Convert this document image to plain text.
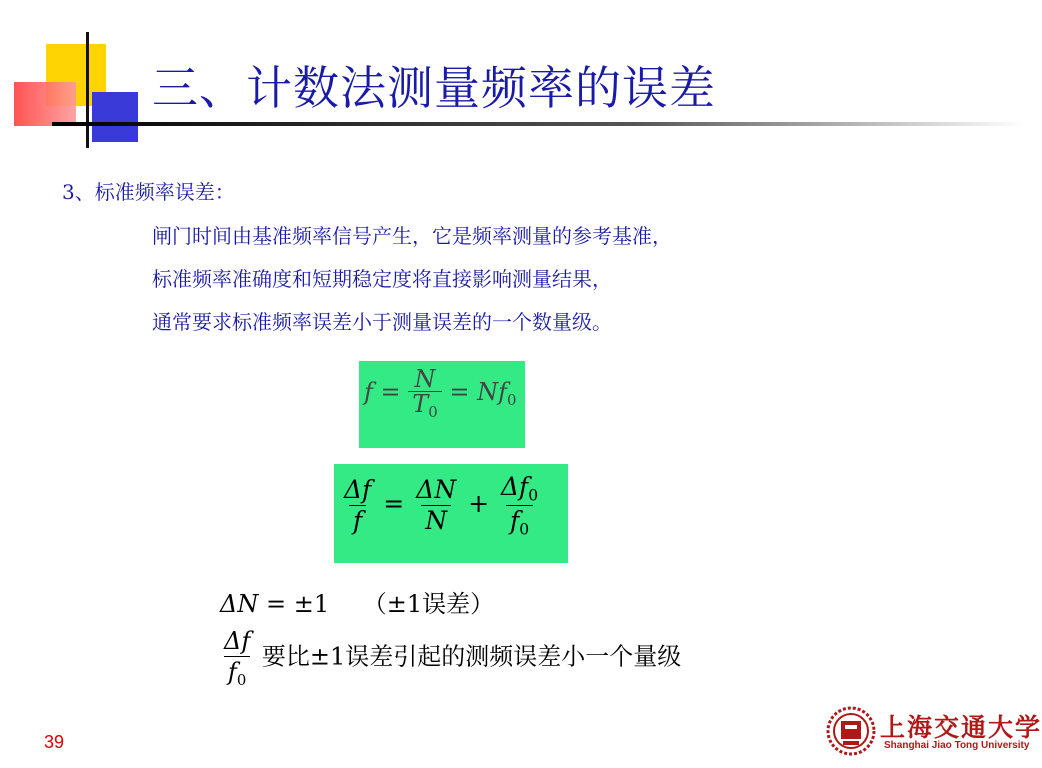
三、计数法测量频率的误差
3、标准频率误差：
闸门时间由基准频率信号产生，它是频率测量的参考基准，
标准频率准确度和短期稳定度将直接影响测量结果，
通常要求标准频率误差小于测量误差的一个数量级。
$f = \frac{N}{T_0} = Nf_0$
$\frac{\Delta f}{f} = \frac{\Delta N}{N} + \frac{\Delta f_0}{f_0}$
ΔN = ±1 （±1误差）
$\frac{\Delta f}{f_0}$ 要比±1误差引起的测频误差小一个量级
39	上海交通大学
Shanghai Jiao Tong University
